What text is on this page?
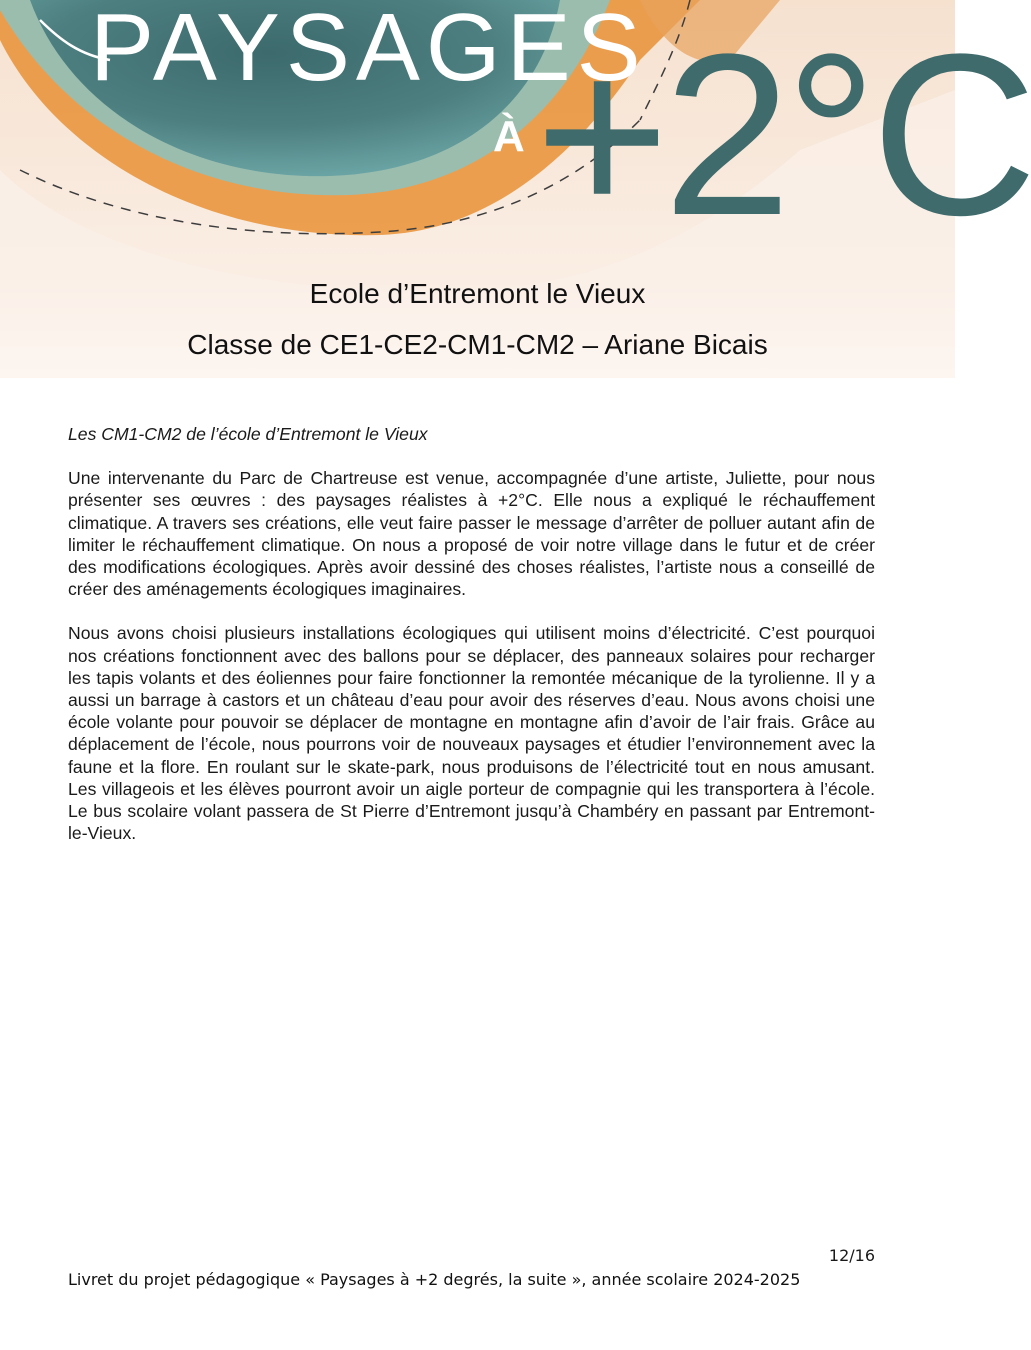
PAYSAGES
À +2°C
Ecole d’Entremont le Vieux
Classe de CE1-CE2-CM1-CM2 – Ariane Bicais
Les CM1-CM2 de l’école d’Entremont le Vieux

Une intervenante du Parc de Chartreuse est venue, accompagnée d’une artiste, Juliette, pour nous présenter ses œuvres : des paysages réalistes à +2°C. Elle nous a expliqué le réchauffement climatique. A travers ses créations, elle veut faire passer le message d’arrêter de polluer autant afin de limiter le réchauffement climatique. On nous a proposé de voir notre village dans le futur et de créer des modifications écologiques. Après avoir dessiné des choses réalistes, l’artiste nous a conseillé de créer des aménagements écologiques imaginaires.

Nous avons choisi plusieurs installations écologiques qui utilisent moins d’électricité. C’est pourquoi nos créations fonctionnent avec des ballons pour se déplacer, des panneaux solaires pour recharger les tapis volants et des éoliennes pour faire fonctionner la remontée mécanique de la tyrolienne. Il y a aussi un barrage à castors et un château d’eau pour avoir des réserves d’eau. Nous avons choisi une école volante pour pouvoir se déplacer de montagne en montagne afin d’avoir de l’air frais. Grâce au déplacement de l’école, nous pourrons voir de nouveaux paysages et étudier l’environnement avec la faune et la flore. En roulant sur le skate-park, nous produisons de l’électricité tout en nous amusant. Les villageois et les élèves pourront avoir un aigle porteur de compagnie qui les transportera à l’école. Le bus scolaire volant passera de St Pierre d’Entremont jusqu’à Chambéry en passant par Entremont-le-Vieux.

12/16
Livret du projet pédagogique « Paysages à +2 degrés, la suite », année scolaire 2024-2025
